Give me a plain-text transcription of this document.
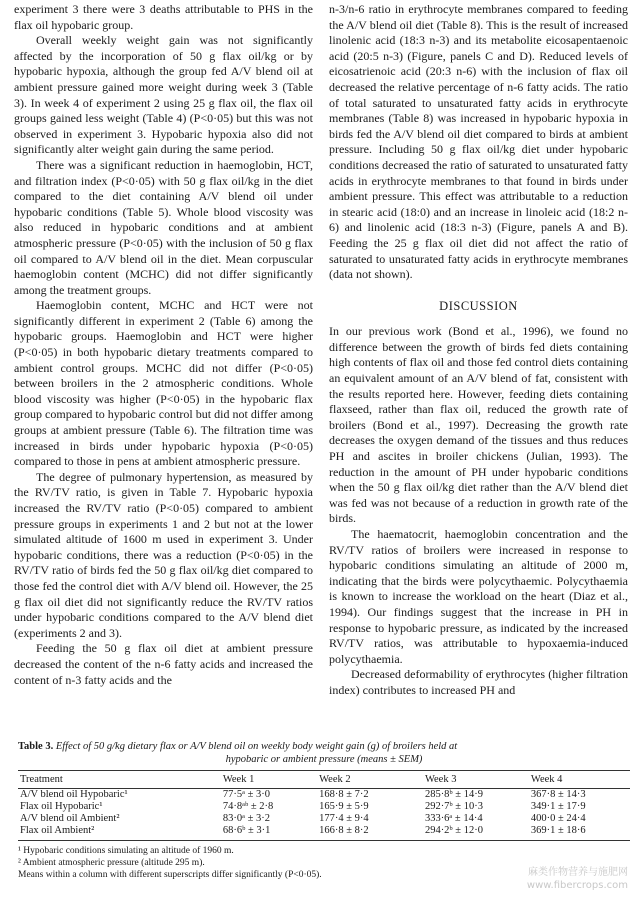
experiment 3 there were 3 deaths attributable to PHS in the flax oil hypobaric group.

Overall weekly weight gain was not significantly affected by the incorporation of 50 g flax oil/kg or by hypobaric hypoxia, although the group fed A/V blend oil at ambient pressure gained more weight during week 3 (Table 3). In week 4 of experiment 2 using 25 g flax oil, the flax oil groups gained less weight (Table 4) (P<0·05) but this was not observed in experiment 3. Hypobaric hypoxia also did not significantly alter weight gain during the same period.

There was a significant reduction in haemoglobin, HCT, and filtration index (P<0·05) with 50 g flax oil/kg in the diet compared to the diet containing A/V blend oil under hypobaric conditions (Table 5). Whole blood viscosity was also reduced in hypobaric conditions and at ambient atmospheric pressure (P<0·05) with the inclusion of 50 g flax oil compared to A/V blend oil in the diet. Mean corpuscular haemoglobin content (MCHC) did not differ significantly among the treatment groups.

Haemoglobin content, MCHC and HCT were not significantly different in experiment 2 (Table 6) among the hypobaric groups. Haemoglobin and HCT were higher (P<0·05) in both hypobaric dietary treatments compared to ambient control groups. MCHC did not differ (P<0·05) between broilers in the 2 atmospheric conditions. Whole blood viscosity was higher (P<0·05) in the hypobaric flax group compared to hypobaric control but did not differ among groups at ambient pressure (Table 6). The filtration time was increased in birds under hypobaric hypoxia (P<0·05) compared to those in pens at ambient atmospheric pressure.

The degree of pulmonary hypertension, as measured by the RV/TV ratio, is given in Table 7. Hypobaric hypoxia increased the RV/TV ratio (P<0·05) compared to ambient pressure groups in experiments 1 and 2 but not at the lower simulated altitude of 1600 m used in experiment 3. Under hypobaric conditions, there was a reduction (P<0·05) in the RV/TV ratio of birds fed the 50 g flax oil/kg diet compared to those fed the control diet with A/V blend oil. However, the 25 g flax oil diet did not significantly reduce the RV/TV ratios under hypobaric conditions compared to the A/V blend diet (experiments 2 and 3).

Feeding the 50 g flax oil diet at ambient pressure decreased the content of the n-6 fatty acids and increased the content of n-3 fatty acids and the

n-3/n-6 ratio in erythrocyte membranes compared to feeding the A/V blend oil diet (Table 8). This is the result of increased linolenic acid (18:3 n-3) and its metabolite eicosapentaenoic acid (20:5 n-3) (Figure, panels C and D). Reduced levels of eicosatrienoic acid (20:3 n-6) with the inclusion of flax oil decreased the relative percentage of n-6 fatty acids. The ratio of total saturated to unsaturated fatty acids in erythrocyte membranes (Table 8) was increased in hypobaric hypoxia in birds fed the A/V blend oil diet compared to birds at ambient pressure. Including 50 g flax oil/kg diet under hypobaric conditions decreased the ratio of saturated to unsaturated fatty acids in erythrocyte membranes to that found in birds under ambient pressure. This effect was attributable to a reduction in stearic acid (18:0) and an increase in linoleic acid (18:2 n-6) and linolenic acid (18:3 n-3) (Figure, panels A and B). Feeding the 25 g flax oil diet did not affect the ratio of saturated to unsaturated fatty acids in erythrocyte membranes (data not shown).

DISCUSSION

In our previous work (Bond et al., 1996), we found no difference between the growth of birds fed diets containing high contents of flax oil and those fed control diets containing an equivalent amount of an A/V blend of fat, consistent with the results reported here. However, feeding diets containing flaxseed, rather than flax oil, reduced the growth rate of broilers (Bond et al., 1997). Decreasing the growth rate decreases the oxygen demand of the tissues and thus reduces PH and ascites in broiler chickens (Julian, 1993). The reduction in the amount of PH under hypobaric conditions when the 50 g flax oil/kg diet rather than the A/V blend diet was fed was not because of a reduction in growth rate of the birds.

The haematocrit, haemoglobin concentration and the RV/TV ratios of broilers were increased in response to hypobaric conditions simulating an altitude of 2000 m, indicating that the birds were polycythaemic. Polycythaemia is known to increase the workload on the heart (Diaz et al., 1994). Our findings suggest that the increase in PH in response to hypobaric pressure, as indicated by the increased RV/TV ratios, was attributable to hypoxaemia-induced polycythaemia.

Decreased deformability of erythrocytes (higher filtration index) contributes to increased PH and

Table 3. Effect of 50 g/kg dietary flax or A/V blend oil on weekly body weight gain (g) of broilers held at
hypobaric or ambient pressure (means ± SEM)
Treatment	Week 1	Week 2	Week 3	Week 4
A/V blend oil Hypobaric¹	77·5ᵃ ± 3·0	168·8 ± 7·2	285·8ᵇ ± 14·9	367·8 ± 14·3
Flax oil Hypobaric¹	74·8ᵃᵇ ± 2·8	165·9 ± 5·9	292·7ᵇ ± 10·3	349·1 ± 17·9
A/V blend oil Ambient²	83·0ᵃ ± 3·2	177·4 ± 9·4	333·6ᵃ ± 14·4	400·0 ± 24·4
Flax oil Ambient²	68·6ᵇ ± 3·1	166·8 ± 8·2	294·2ᵇ ± 12·0	369·1 ± 18·6
¹ Hypobaric conditions simulating an altitude of 1960 m.
² Ambient atmospheric pressure (altitude 295 m).
Means within a column with different superscripts differ significantly (P<0·05).	麻类作物营养与施肥网
www.fibercrops.com
